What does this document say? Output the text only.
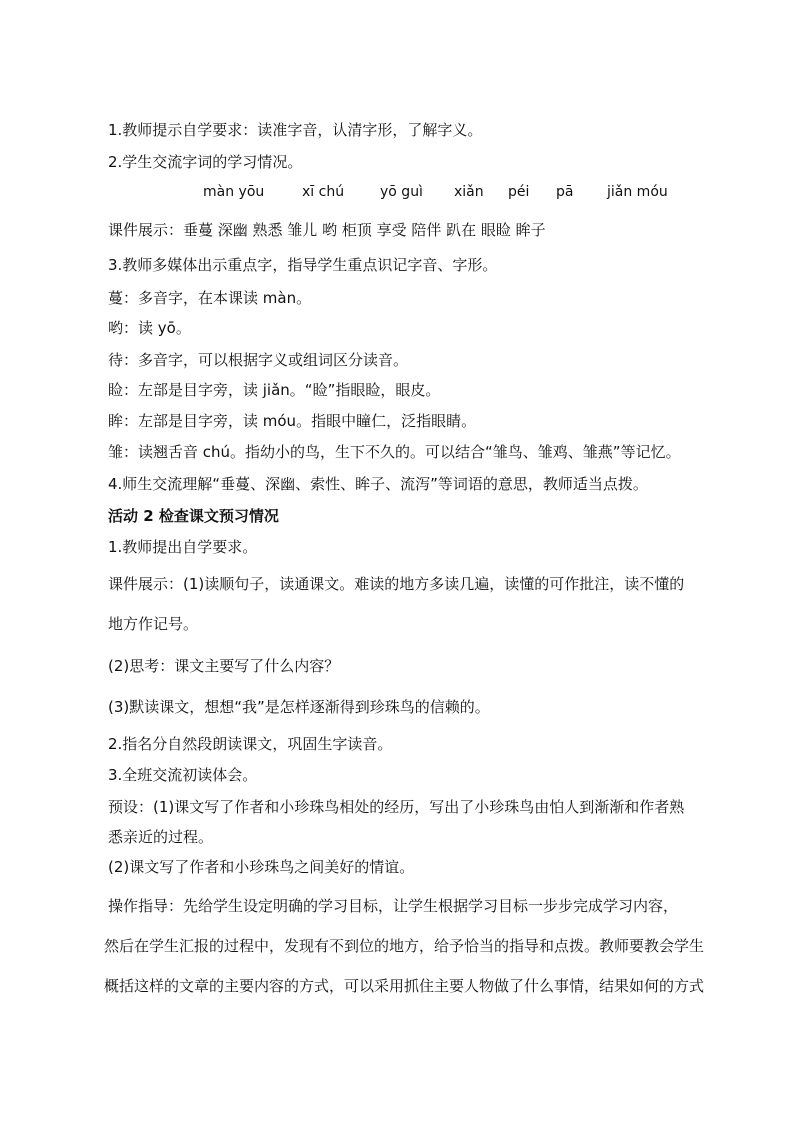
1.教师提示自学要求：读准字音，认清字形，了解字义。
2.学生交流字词的学习情况。
màn yōu	xī chú	yō guì xiǎn péi pā jiǎn móu
课件展示：垂蔓 深幽 熟悉 雏儿 哟 柜顶 享受 陪伴 趴在 眼睑 眸子
3.教师多媒体出示重点字，指导学生重点识记字音、字形。
蔓：多音字，在本课读 màn。
哟：读 yō。
待：多音字，可以根据字义或组词区分读音。
睑：左部是目字旁，读 jiǎn。“睑”指眼睑，眼皮。
眸：左部是目字旁，读 móu。指眼中瞳仁，泛指眼睛。
雏：读翘舌音 chú。指幼小的鸟，生下不久的。可以结合“雏鸟、雏鸡、雏燕”等记忆。
4.师生交流理解“垂蔓、深幽、索性、眸子、流泻”等词语的意思，教师适当点拨。
活动 2 检查课文预习情况
1.教师提出自学要求。
课件展示：(1)读顺句子，读通课文。难读的地方多读几遍，读懂的可作批注，读不懂的
地方作记号。
(2)思考：课文主要写了什么内容？
(3)默读课文，想想“我”是怎样逐渐得到珍珠鸟的信赖的。
2.指名分自然段朗读课文，巩固生字读音。
3.全班交流初读体会。
预设：(1)课文写了作者和小珍珠鸟相处的经历，写出了小珍珠鸟由怕人到渐渐和作者熟
悉亲近的过程。
(2)课文写了作者和小珍珠鸟之间美好的情谊。
操作指导：先给学生设定明确的学习目标，让学生根据学习目标一步步完成学习内容，
然后在学生汇报的过程中，发现有不到位的地方，给予恰当的指导和点拨。教师要教会学生
概括这样的文章的主要内容的方式，可以采用抓住主要人物做了什么事情，结果如何的方式
